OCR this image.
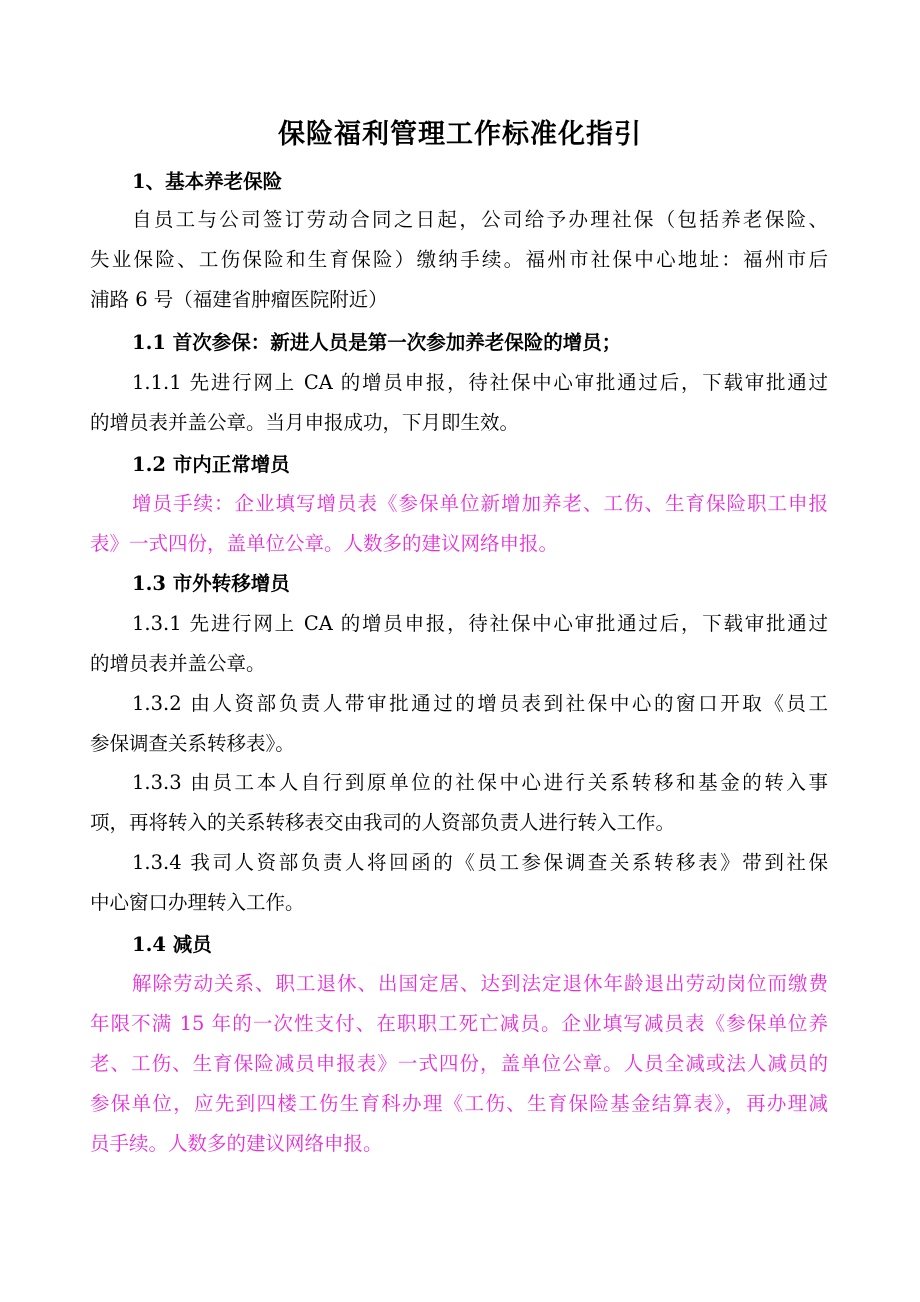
保险福利管理工作标准化指引
1、基本养老保险
自员工与公司签订劳动合同之日起，公司给予办理社保（包括养老保险、
失业保险、工伤保险和生育保险）缴纳手续。福州市社保中心地址：福州市后
浦路 6 号（福建省肿瘤医院附近）
1.1 首次参保：新进人员是第一次参加养老保险的增员；
1.1.1 先进行网上 CA 的增员申报，待社保中心审批通过后，下载审批通过
的增员表并盖公章。当月申报成功，下月即生效。
1.2 市内正常增员
增员手续：企业填写增员表《参保单位新增加养老、工伤、生育保险职工申报
表》一式四份，盖单位公章。人数多的建议网络申报。
1.3 市外转移增员
1.3.1 先进行网上 CA 的增员申报，待社保中心审批通过后，下载审批通过
的增员表并盖公章。
1.3.2 由人资部负责人带审批通过的增员表到社保中心的窗口开取《员工
参保调查关系转移表》。
1.3.3 由员工本人自行到原单位的社保中心进行关系转移和基金的转入事
项，再将转入的关系转移表交由我司的人资部负责人进行转入工作。
1.3.4 我司人资部负责人将回函的《员工参保调查关系转移表》带到社保
中心窗口办理转入工作。
1.4 减员
解除劳动关系、职工退休、出国定居、达到法定退休年龄退出劳动岗位而缴费
年限不满 15 年的一次性支付、在职职工死亡减员。企业填写减员表《参保单位养
老、工伤、生育保险减员申报表》一式四份，盖单位公章。人员全减或法人减员的
参保单位，应先到四楼工伤生育科办理《工伤、生育保险基金结算表》，再办理减
员手续。人数多的建议网络申报。
